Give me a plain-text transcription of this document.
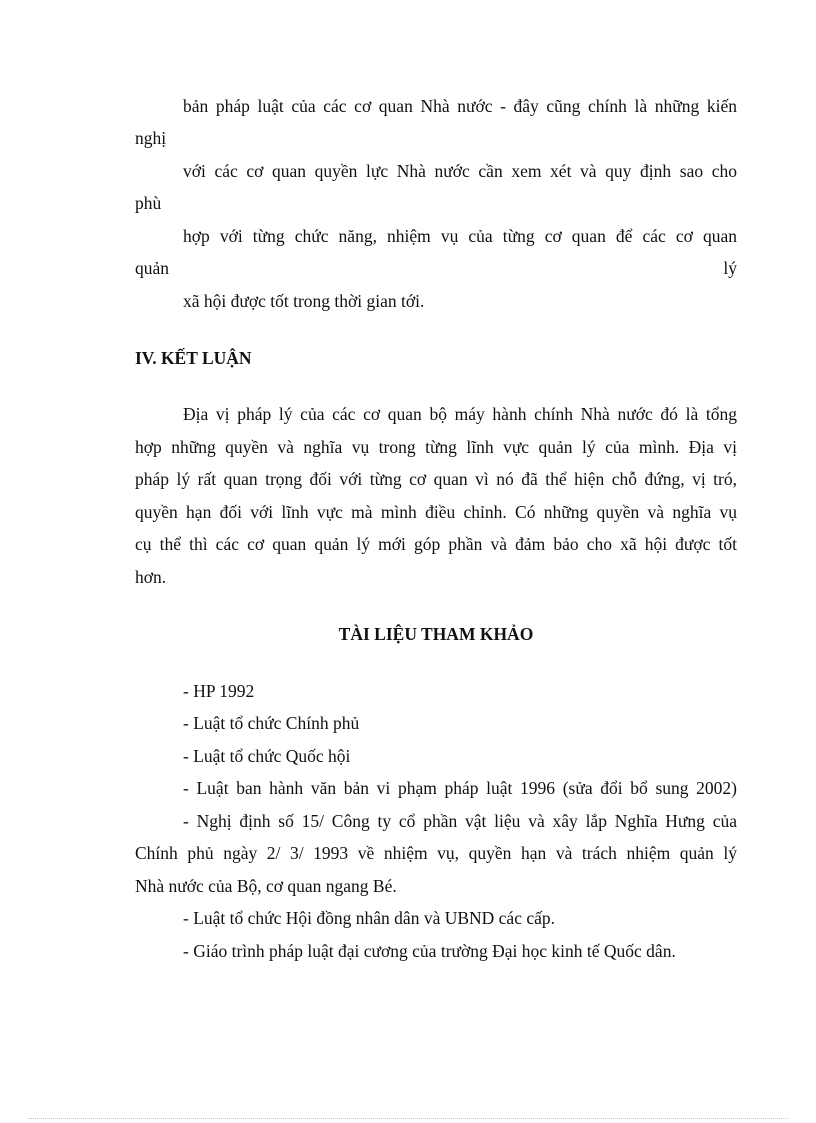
bản pháp luật của các cơ quan Nhà nước - đây cũng chính là những kiến
nghị
với các cơ quan quyền lực Nhà nước cần xem xét và quy định sao cho
phù
hợp với từng chức năng, nhiệm vụ của từng cơ quan để các cơ quan
quản	lý
xã hội được tốt trong thời gian tới.
IV. KẾT LUẬN
Địa vị pháp lý của các cơ quan bộ máy hành chính Nhà nước đó là tổng
hợp những quyền và nghĩa vụ trong từng lĩnh vực quản lý của mình. Địa vị
pháp lý rất quan trọng đối với từng cơ quan vì nó đã thể hiện chỗ đứng, vị tró,
quyền hạn đối với lĩnh vực mà mình điều chỉnh. Có những quyền và nghĩa vụ
cụ thể thì các cơ quan quản lý mới góp phần và đảm bảo cho xã hội được tốt
hơn.
TÀI LIỆU THAM KHẢO
- HP 1992
- Luật tổ chức Chính phủ
- Luật tổ chức Quốc hội
- Luật ban hành văn bản vi phạm pháp luật 1996 (sửa đổi bổ sung 2002)
- Nghị định số 15/ Công ty cổ phần vật liệu và xây lắp Nghĩa Hưng của
Chính phủ ngày 2/ 3/ 1993 về nhiệm vụ, quyền hạn và trách nhiệm quản lý
Nhà nước của Bộ, cơ quan ngang Bé.
- Luật tổ chức Hội đồng nhân dân và UBND các cấp.
- Giáo trình pháp luật đại cương của trường Đại học kinh tế Quốc dân.
